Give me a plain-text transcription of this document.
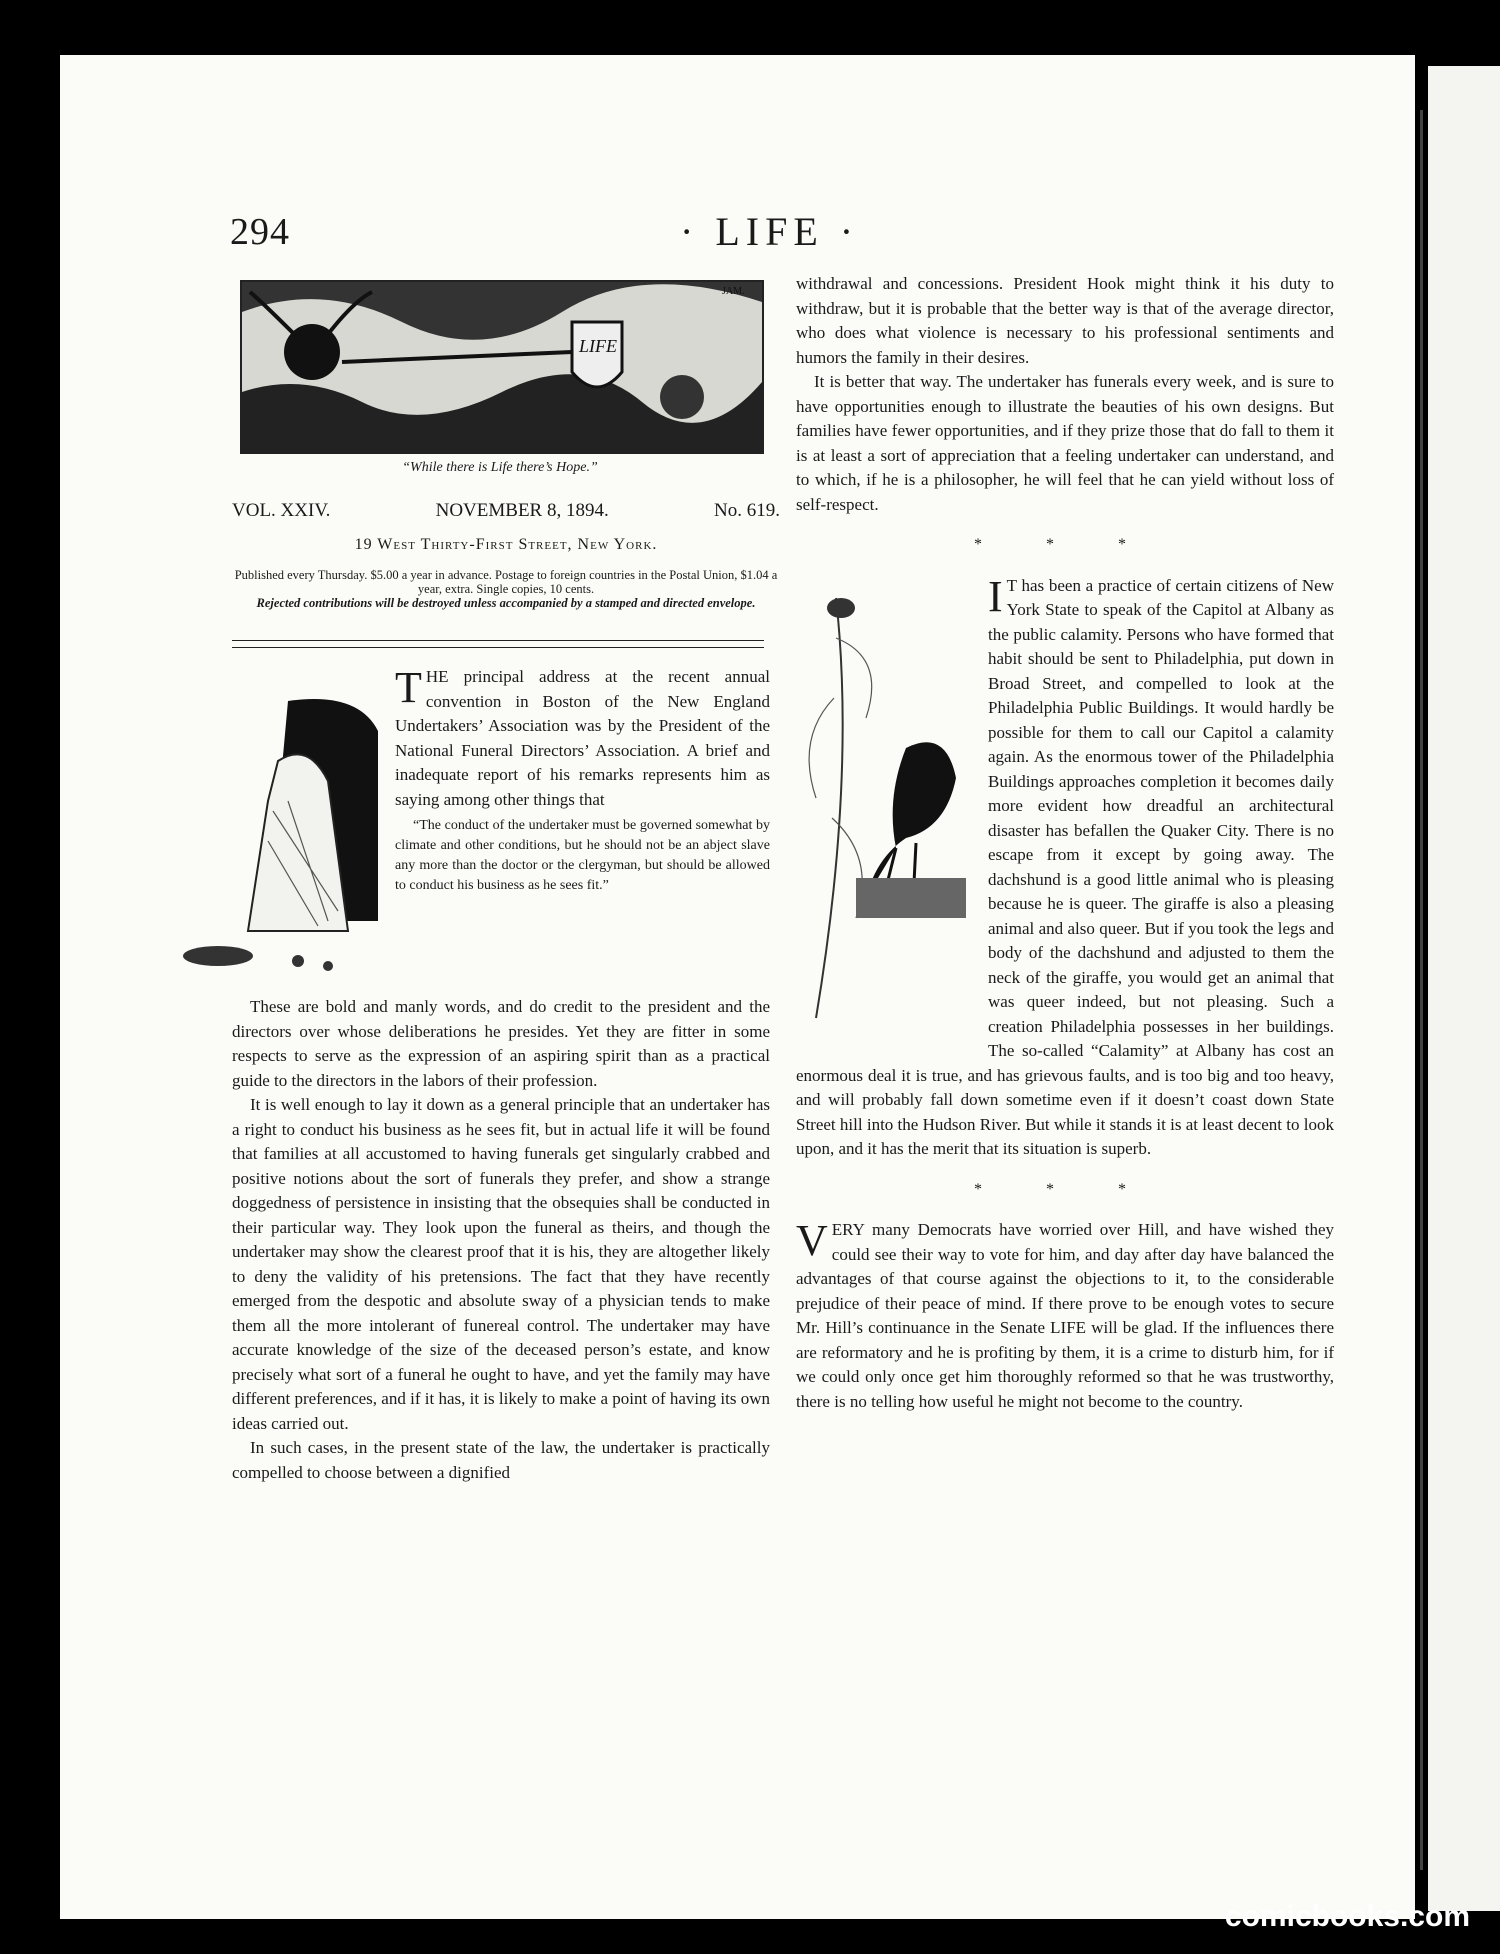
294	· LIFE ·
LIFE
JAM.
“While there is Life there’s Hope.”
VOL. XXIV.	NOVEMBER 8, 1894.	No. 619.
19 West Thirty-First Street, New York.
Published every Thursday. $5.00 a year in advance. Postage to foreign countries in the Postal Union, $1.04 a year, extra. Single copies, 10 cents.
Rejected contributions will be destroyed unless accompanied by a stamped and directed envelope.

THE principal address at the recent annual convention in Boston of the New England Undertakers’ Association was by the President of the National Funeral Directors’ Association. A brief and inadequate report of his remarks represents him as saying among other things that

“The conduct of the undertaker must be governed somewhat by climate and other conditions, but he should not be an abject slave any more than the doctor or the clergyman, but should be allowed to conduct his business as he sees fit.”

These are bold and manly words, and do credit to the president and the directors over whose deliberations he presides. Yet they are fitter in some respects to serve as the expression of an aspiring spirit than as a practical guide to the directors in the labors of their profession.

It is well enough to lay it down as a general principle that an undertaker has a right to conduct his business as he sees fit, but in actual life it will be found that families at all accustomed to having funerals get singularly crabbed and positive notions about the sort of funerals they prefer, and show a strange doggedness of persistence in insisting that the obsequies shall be conducted in their particular way. They look upon the funeral as theirs, and though the undertaker may show the clearest proof that it is his, they are altogether likely to deny the validity of his pretensions. The fact that they have recently emerged from the despotic and absolute sway of a physician tends to make them all the more intolerant of funereal control. The undertaker may have accurate knowledge of the size of the deceased person’s estate, and know precisely what sort of a funeral he ought to have, and yet the family may have different preferences, and if it has, it is likely to make a point of having its own ideas carried out.

In such cases, in the present state of the law, the undertaker is practically compelled to choose between a dignified

withdrawal and concessions. President Hook might think it his duty to withdraw, but it is probable that the better way is that of the average director, who does what violence is necessary to his professional sentiments and humors the family in their desires.

It is better that way. The undertaker has funerals every week, and is sure to have opportunities enough to illustrate the beauties of his own designs. But families have fewer opportunities, and if they prize those that do fall to them it is at least a sort of appreciation that a feeling undertaker can understand, and to which, if he is a philosopher, he will feel that he can yield without loss of self-respect.

* * *

I T has been a practice of certain citizens of New York State to speak of the Capitol at Albany as the public calamity. Persons who have formed that habit should be sent to Philadelphia, put down in Broad Street, and compelled to look at the Philadelphia Public Buildings. It would hardly be possible for them to call our Capitol a calamity again. As the enormous tower of the Philadelphia Buildings approaches completion it becomes daily more evident how dreadful an architectural disaster has befallen the Quaker City. There is no escape from it except by going away. The dachshund is a good little animal who is pleasing because he is queer. The giraffe is also a pleasing animal and also queer. But if you took the legs and body of the dachshund and adjusted to them the neck of the giraffe, you would get an animal that was queer indeed, but not pleasing. Such a creation Philadelphia possesses in her buildings. The so-called “Calamity” at Albany has cost an enormous deal it is true, and has grievous faults, and is too big and too heavy, and will probably fall down sometime even if it doesn’t coast down State Street hill into the Hudson River. But while it stands it is at least decent to look upon, and it has the merit that its situation is superb.

* * *

VERY many Democrats have worried over Hill, and have wished they could see their way to vote for him, and day after day have balanced the advantages of that course against the objections to it, to the considerable prejudice of their peace of mind. If there prove to be enough votes to secure Mr. Hill’s continuance in the Senate LIFE will be glad. If the influences there are reformatory and he is profiting by them, it is a crime to disturb him, for if we could only once get him thoroughly reformed so that he was trustworthy, there is no telling how useful he might not become to the country.

comicbooks.com
